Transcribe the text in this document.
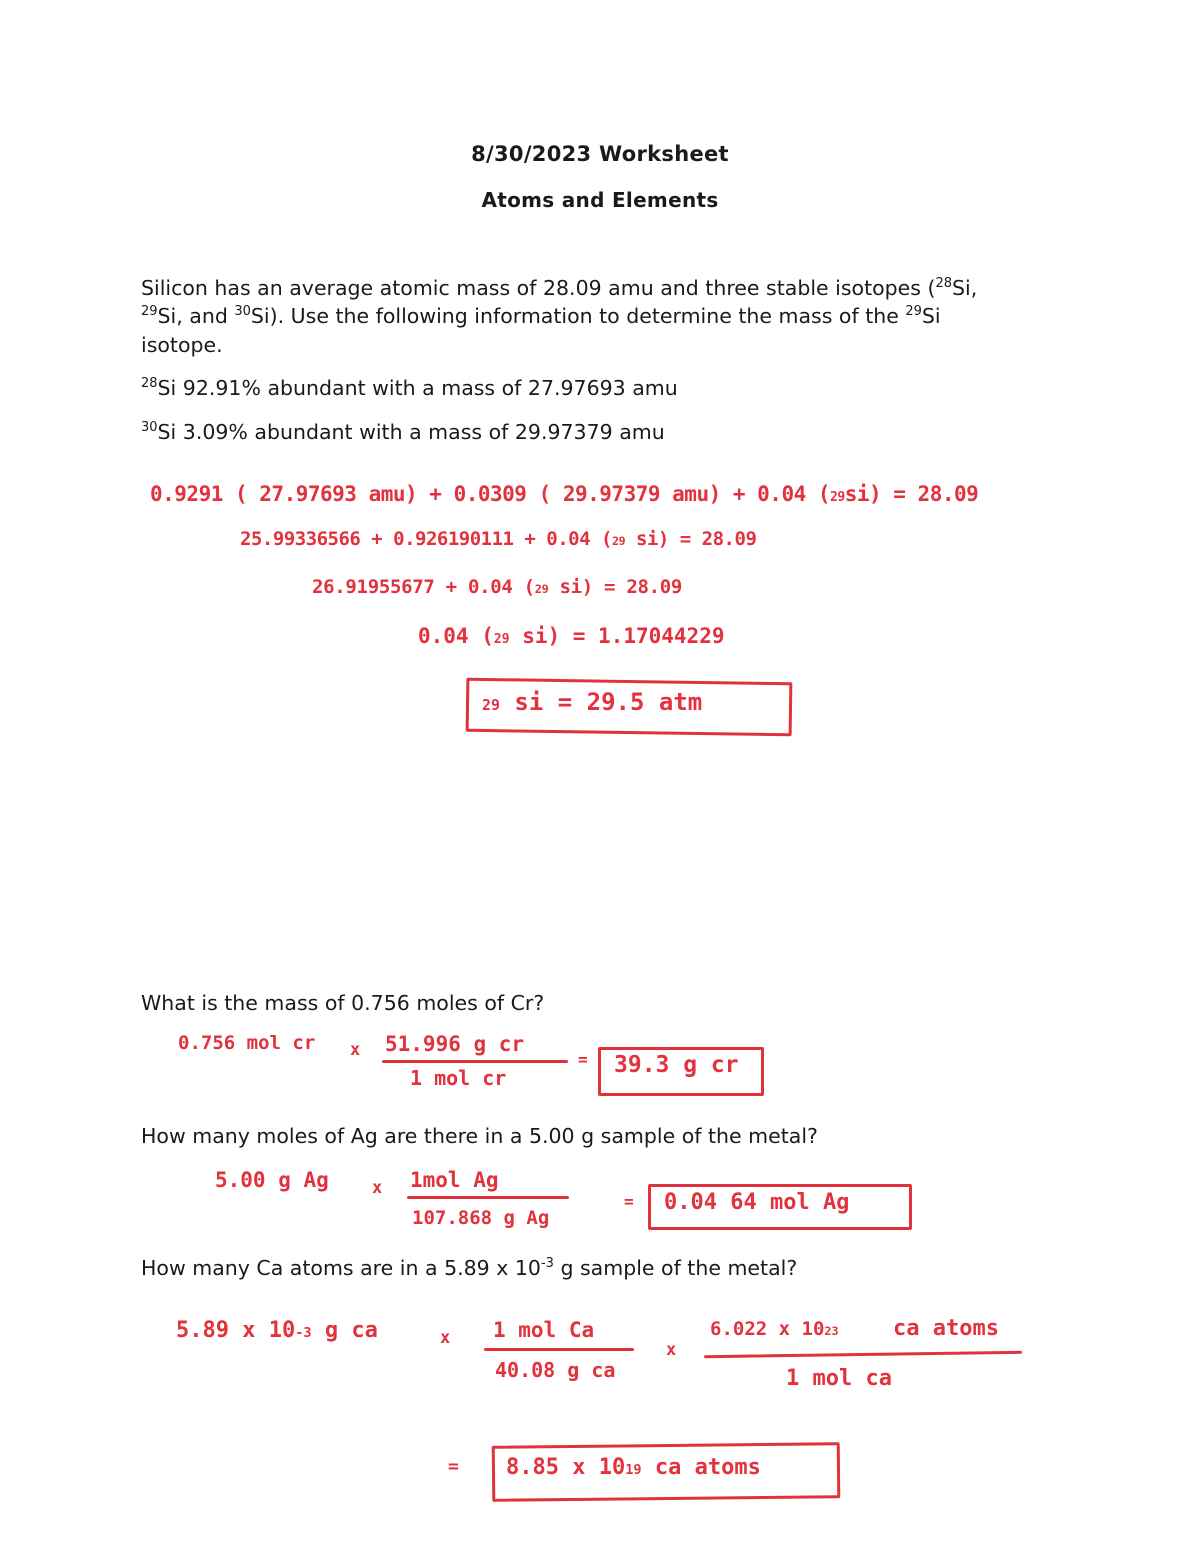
8/30/2023 Worksheet
Atoms and Elements
Silicon has an average atomic mass of 28.09 amu and three stable isotopes ($^{28}$Si,
$^{29}$Si, and $^{30}$Si). Use the following information to determine the mass of the $^{29}$Si
isotope.
$^{28}$Si 92.91% abundant with a mass of 27.97693 amu
$^{30}$Si 3.09% abundant with a mass of 29.97379 amu
0.9291 ( 27.97693 amu) + 0.0309 ( 29.97379 amu) + 0.04 ($^{29}$si) = 28.09
25.99336566 + 0.926190111 + 0.04 ($^{29}$ si) = 28.09
26.91955677 + 0.04 ($^{29}$ si) = 28.09
0.04 ($^{29}$ si) = 1.17044229
$^{29}$ si = 29.5 atm
What is the mass of 0.756 moles of Cr?
0.756 mol cr x 51.996 g cr
1 mol cr
= 39.3 g cr
How many moles of Ag are there in a 5.00 g sample of the metal?
5.00 g Ag	x 1mol Ag
107.868 g Ag
= 0.04 64 mol Ag
How many Ca atoms are in a 5.89 x $10^{-3}$ g sample of the metal?
5.89 x $10^{-3}$ g ca	x 1 mol Ca
40.08 g ca
x
6.022 x $10^{23}$ ca atoms
1 mol ca
= 8.85 x $10^{19}$ ca atoms
